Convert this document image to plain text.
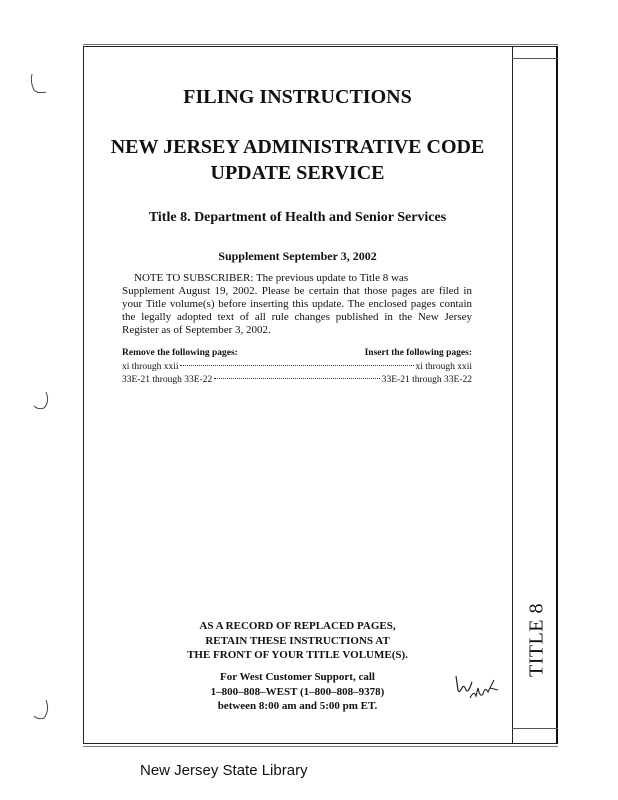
TITLE 8
FILING INSTRUCTIONS
NEW JERSEY ADMINISTRATIVE CODE
UPDATE SERVICE
Title 8. Department of Health and Senior Services
Supplement September 3, 2002
NOTE TO SUBSCRIBER: The previous update to Title 8 was
Supplement August 19, 2002. Please be certain that those pages are filed in your Title volume(s) before inserting this update. The enclosed pages contain the legally adopted text of all rule changes published in the New Jersey Register as of September 3, 2002.
Remove the following pages:	Insert the following pages:
xi through xxii	xi through xxii
33E-21 through 33E-22	33E-21 through 33E-22
AS A RECORD OF REPLACED PAGES,
RETAIN THESE INSTRUCTIONS AT
THE FRONT OF YOUR TITLE VOLUME(S).
For West Customer Support, call
1–800–808–WEST (1–800–808–9378)
between 8:00 am and 5:00 pm ET.
New Jersey State Library
